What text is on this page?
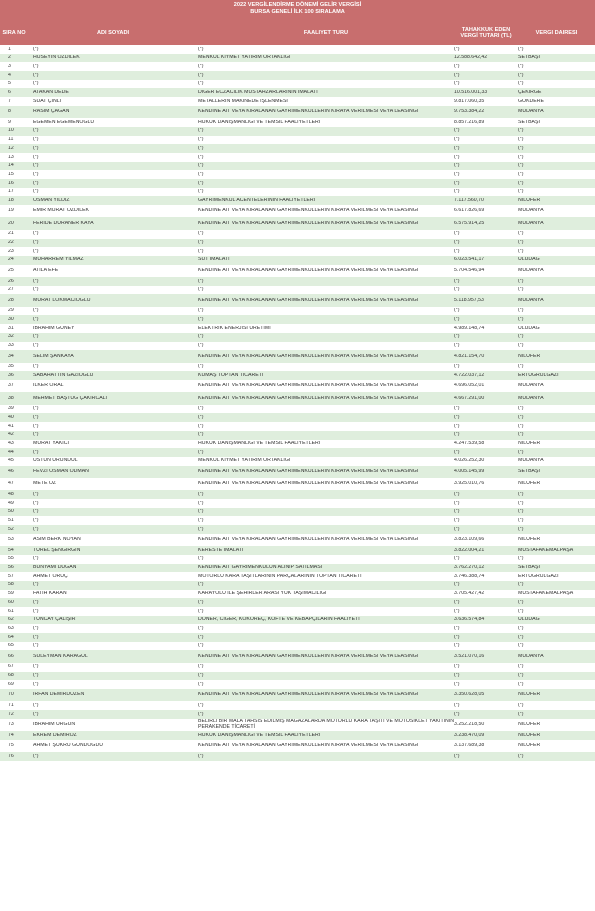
2022 VERGİLENDİRME DÖNEMİ GELİR VERGİSİ
BURSA GENELİ İLK 100 SIRALAMA
SIRA NO	ADI SOYADI	FAALİYET TÜRÜ	TAHAKKUK EDEN VERGİ TUTARI (TL)	VERGİ DAİRESİ
1	(*)	(*)	(*)	(*)
2	HÜSEYİN ÖZDİLEK	MENKUL KIYMET YATIRIM ORTAKLIĞI	12.588.642,42	SETBAŞI
3	(*)	(*)	(*)	(*)
4	(*)	(*)	(*)	(*)
5	(*)	(*)	(*)	(*)
6	ATAKAN DEDE	DİĞER ECZACILIK MÜSTAHZARLARININ İMALATI	10.516.001,33	ÇEKİRGE
7	SUAT ÇİNLİ	METALLERİN MAKİNEDE İŞLENMESİ	9.817.060,35	GÖKDERE
8	RASİM ÇAĞAN	KENDİNE AİT VEYA KİRALANAN GAYRİMENKULLERİN KİRAYA VERİLMESİ VEYA LEASİNGİ	9.753.384,22	MUDANYA
9	EGEMEN EGEMENOĞLU	HUKUK DANIŞMANLIĞI VE TEMSİL FAALİYETLERİ	8.857.216,89	SETBAŞI
10	(*)	(*)	(*)	(*)
11	(*)	(*)	(*)	(*)
12	(*)	(*)	(*)	(*)
13	(*)	(*)	(*)	(*)
14	(*)	(*)	(*)	(*)
15	(*)	(*)	(*)	(*)
16	(*)	(*)	(*)	(*)
17	(*)	(*)	(*)	(*)
18	OSMAN YILDIZ	GAYRİMENKUL ACENTELERİNİN FAALİYETLERİ	7.117.560,70	NİLÜFER
19	EMİR MURAT ÖZDİLEK	KENDİNE AİT VEYA KİRALANAN GAYRİMENKULLERİN KİRAYA VERİLMESİ VEYA LEASİNGİ	6.617.826,69	MUDANYA
20	FERİDE DURANER KAYA	KENDİNE AİT VEYA KİRALANAN GAYRİMENKULLERİN KİRAYA VERİLMESİ VEYA LEASİNGİ	6.575.914,25	MUDANYA
21	(*)	(*)	(*)	(*)
22	(*)	(*)	(*)	(*)
23	(*)	(*)	(*)	(*)
24	MUHARREM YILMAZ	SÜT İMALATI	6.023.541,17	ULUDAĞ
25	ATİLA EFE	KENDİNE AİT VEYA KİRALANAN GAYRİMENKULLERİN KİRAYA VERİLMESİ VEYA LEASİNGİ	5.704.546,94	MUDANYA
26	(*)	(*)	(*)	(*)
27	(*)	(*)	(*)	(*)
28	MURAT LOKMACIOĞLU	KENDİNE AİT VEYA KİRALANAN GAYRİMENKULLERİN KİRAYA VERİLMESİ VEYA LEASİNGİ	5.118.957,53	MUDANYA
29	(*)	(*)	(*)	(*)
30	(*)	(*)	(*)	(*)
31	İBRAHİM GÜNEY	ELEKTRİK ENERJİSİ ÜRETİMİ	4.989.148,74	ULUDAĞ
32	(*)	(*)	(*)	(*)
33	(*)	(*)	(*)	(*)
34	SELİM ŞANKAYA	KENDİNE AİT VEYA KİRALANAN GAYRİMENKULLERİN KİRAYA VERİLMESİ VEYA LEASİNGİ	4.821.154,70	NİLÜFER
35	(*)	(*)	(*)	(*)
36	SABAHATTİN GAZİOĞLU	KUMAŞ TOPTAN TİCARETİ	4.722.037,12	ERTUĞRULGAZİ
37	İLKER ORAL	KENDİNE AİT VEYA KİRALANAN GAYRİMENKULLERİN KİRAYA VERİLMESİ VEYA LEASİNGİ	4.696.052,01	MUDANYA
38	MEHMET BAŞTUĞ ÇAKIRCALI	KENDİNE AİT VEYA KİRALANAN GAYRİMENKULLERİN KİRAYA VERİLMESİ VEYA LEASİNGİ	4.667.291,00	MUDANYA
39	(*)	(*)	(*)	(*)
40	(*)	(*)	(*)	(*)
41	(*)	(*)	(*)	(*)
42	(*)	(*)	(*)	(*)
43	MURAT YAKICI	HUKUK DANIŞMANLIĞI VE TEMSİL FAALİYETLERİ	4.247.539,58	NİLÜFER
44	(*)	(*)	(*)	(*)
45	ÜSTÜN ÜRÜNDÜL	MENKUL KIYMET YATIRIM ORTAKLIĞI	4.026.252,30	MUDANYA
46	FEVZİ OSMAN ODMAN	KENDİNE AİT VEYA KİRALANAN GAYRİMENKULLERİN KİRAYA VERİLMESİ VEYA LEASİNGİ	4.005.145,99	SETBAŞI
47	METE ÖZ	KENDİNE AİT VEYA KİRALANAN GAYRİMENKULLERİN KİRAYA VERİLMESİ VEYA LEASİNGİ	3.925.010,76	NİLÜFER
48	(*)	(*)	(*)	(*)
49	(*)	(*)	(*)	(*)
50	(*)	(*)	(*)	(*)
51	(*)	(*)	(*)	(*)
52	(*)	(*)	(*)	(*)
53	ASIM BERK NOYAN	KENDİNE AİT VEYA KİRALANAN GAYRİMENKULLERİN KİRAYA VERİLMESİ VEYA LEASİNGİ	3.823.109,66	NİLÜFER
54	TÜREL ŞENGİRGİN	KERESTE İMALATI	3.822.004,21	MUSTAFAKEMALPAŞA
55	(*)	(*)	(*)	(*)
56	BÜNYAMİ DUĞAN	KENDİNE AİT GAYRİMENKULÜN ALINIP SATILMASI	3.762.270,12	SETBAŞI
57	AHMET ORUÇ	MOTORLU KARA TAŞITLARININ PARÇALARININ TOPTAN TİCARETİ	3.746.388,74	ERTUĞRULGAZİ
58	(*)	(*)	(*)	(*)
59	FATİH KARAN	KARAYOLU İLE ŞEHİRLER ARASI YÜK TAŞIMACILIĞI	3.705.427,42	MUSTAFAKEMALPAŞA
60	(*)	(*)	(*)	(*)
61	(*)	(*)	(*)	(*)
62	TUNCAY ÇALIŞIR	DÖNER, CİĞER, KOKOREÇ, KÖFTE VE KEBAPÇILARIN FAALİYETİ	3.636.574,84	ULUDAĞ
63	(*)	(*)	(*)	(*)
64	(*)	(*)	(*)	(*)
65	(*)	(*)	(*)	(*)
66	SÜLEYMAN KARAGÜL	KENDİNE AİT VEYA KİRALANAN GAYRİMENKULLERİN KİRAYA VERİLMESİ VEYA LEASİNGİ	3.521.070,16	MUDANYA
67	(*)	(*)	(*)	(*)
68	(*)	(*)	(*)	(*)
69	(*)	(*)	(*)	(*)
70	İRFAN DEMİRDÜZEN	KENDİNE AİT VEYA KİRALANAN GAYRİMENKULLERİN KİRAYA VERİLMESİ VEYA LEASİNGİ	3.350.628,05	NİLÜFER
71	(*)	(*)	(*)	(*)
72	(*)	(*)	(*)	(*)
73	İBRAHİM ÜRGÜN	BELİRLİ BİR MALA TAHSİS EDİLMİŞ MAĞAZALARDA MOTORLU KARA TAŞITI VE MOTOSİKLET YAKITININ PERAKENDE TİCARETİ	3.252.218,50	NİLÜFER
74	EKREM DEMİRÖZ	HUKUK DANIŞMANLIĞI VE TEMSİL FAALİYETLERİ	3.238.470,09	NİLÜFER
75	AHMET ŞÜKRÜ GÜNDOĞDU	KENDİNE AİT VEYA KİRALANAN GAYRİMENKULLERİN KİRAYA VERİLMESİ VEYA LEASİNGİ	3.137.689,38	NİLÜFER
76	(*)	(*)	(*)	(*)
